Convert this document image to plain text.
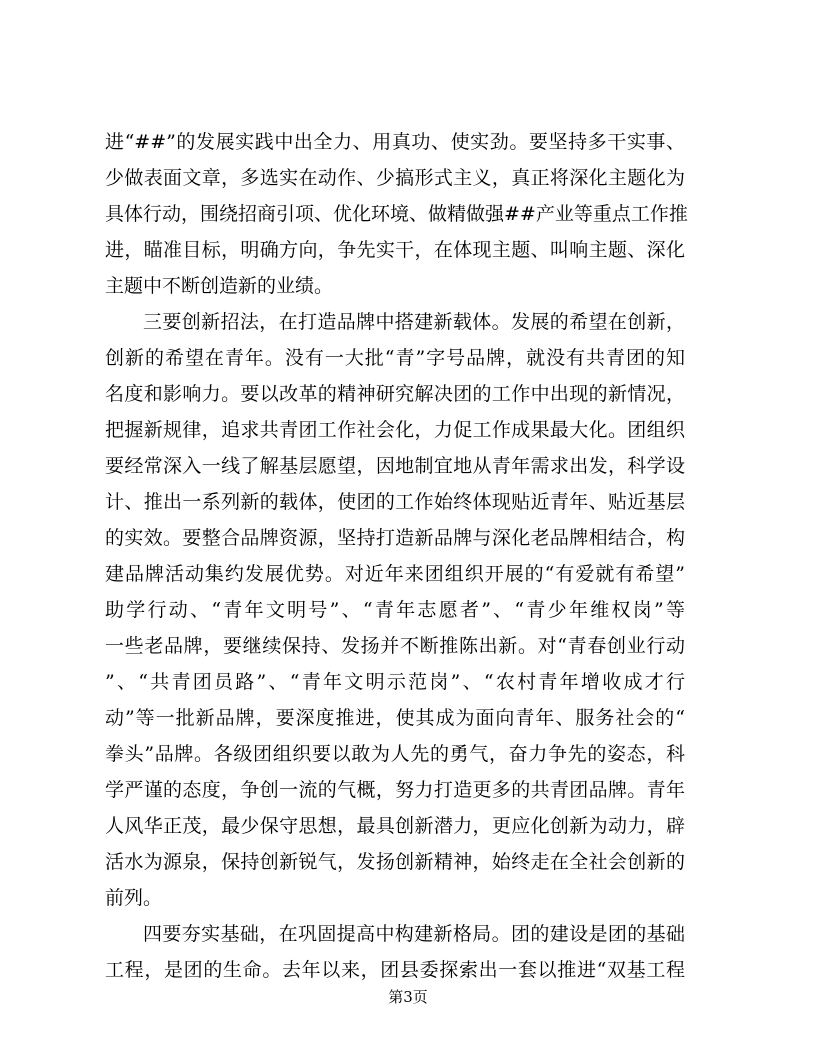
进“##”的发展实践中出全力、用真功、使实劲。要坚持多干实事、
少做表面文章，多选实在动作、少搞形式主义，真正将深化主题化为
具体行动，围绕招商引项、优化环境、做精做强##产业等重点工作推
进，瞄准目标，明确方向，争先实干，在体现主题、叫响主题、深化
主题中不断创造新的业绩。
三要创新招法，在打造品牌中搭建新载体。发展的希望在创新，
创新的希望在青年。没有一大批“青”字号品牌，就没有共青团的知
名度和影响力。要以改革的精神研究解决团的工作中出现的新情况，
把握新规律，追求共青团工作社会化，力促工作成果最大化。团组织
要经常深入一线了解基层愿望，因地制宜地从青年需求出发，科学设
计、推出一系列新的载体，使团的工作始终体现贴近青年、贴近基层
的实效。要整合品牌资源，坚持打造新品牌与深化老品牌相结合，构
建品牌活动集约发展优势。对近年来团组织开展的“有爱就有希望”
助学行动、“青年文明号”、“青年志愿者”、“青少年维权岗”等
一些老品牌，要继续保持、发扬并不断推陈出新。对“青春创业行动
”、“共青团员路”、“青年文明示范岗”、“农村青年增收成才行
动”等一批新品牌，要深度推进，使其成为面向青年、服务社会的“
拳头”品牌。各级团组织要以敢为人先的勇气，奋力争先的姿态，科
学严谨的态度，争创一流的气概，努力打造更多的共青团品牌。青年
人风华正茂，最少保守思想，最具创新潜力，更应化创新为动力，辟
活水为源泉，保持创新锐气，发扬创新精神，始终走在全社会创新的
前列。
四要夯实基础，在巩固提高中构建新格局。团的建设是团的基础
工程，是团的生命。去年以来，团县委探索出一套以推进“双基工程
第3页
